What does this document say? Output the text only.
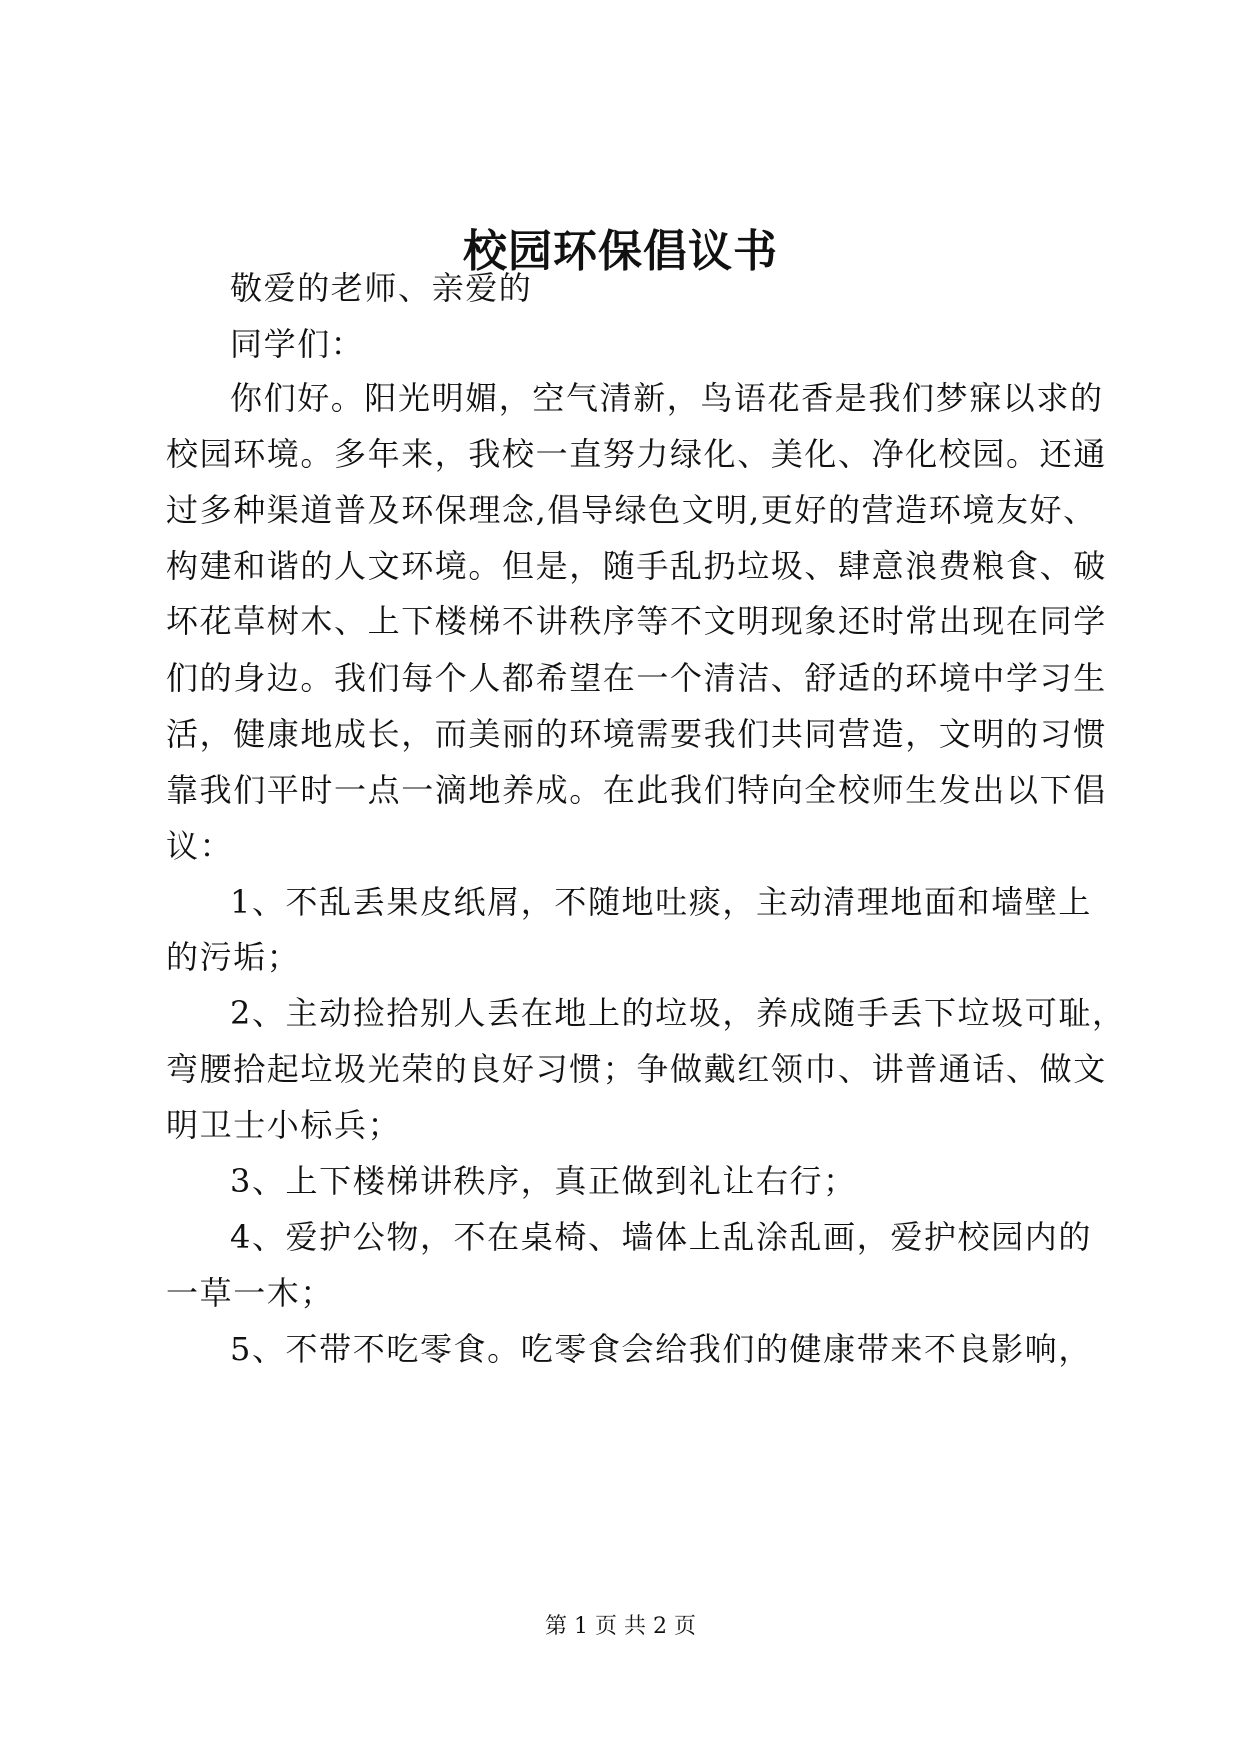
校园环保倡议书
敬爱的老师、亲爱的
同学们：
你们好。阳光明媚，空气清新，鸟语花香是我们梦寐以求的
校园环境。多年来，我校一直努力绿化、美化、净化校园。还通
过多种渠道普及环保理念,倡导绿色文明,更好的营造环境友好、
构建和谐的人文环境。但是，随手乱扔垃圾、肆意浪费粮食、破
坏花草树木、上下楼梯不讲秩序等不文明现象还时常出现在同学
们的身边。我们每个人都希望在一个清洁、舒适的环境中学习生
活，健康地成长，而美丽的环境需要我们共同营造，文明的习惯
靠我们平时一点一滴地养成。在此我们特向全校师生发出以下倡
议：
1、不乱丢果皮纸屑，不随地吐痰，主动清理地面和墙壁上
的污垢；
2、主动捡拾别人丢在地上的垃圾，养成随手丢下垃圾可耻，
弯腰拾起垃圾光荣的良好习惯；争做戴红领巾、讲普通话、做文
明卫士小标兵；
3、上下楼梯讲秩序，真正做到礼让右行；
4、爱护公物，不在桌椅、墙体上乱涂乱画，爱护校园内的
一草一木；
5、不带不吃零食。吃零食会给我们的健康带来不良影响，
第 1 页 共 2 页
